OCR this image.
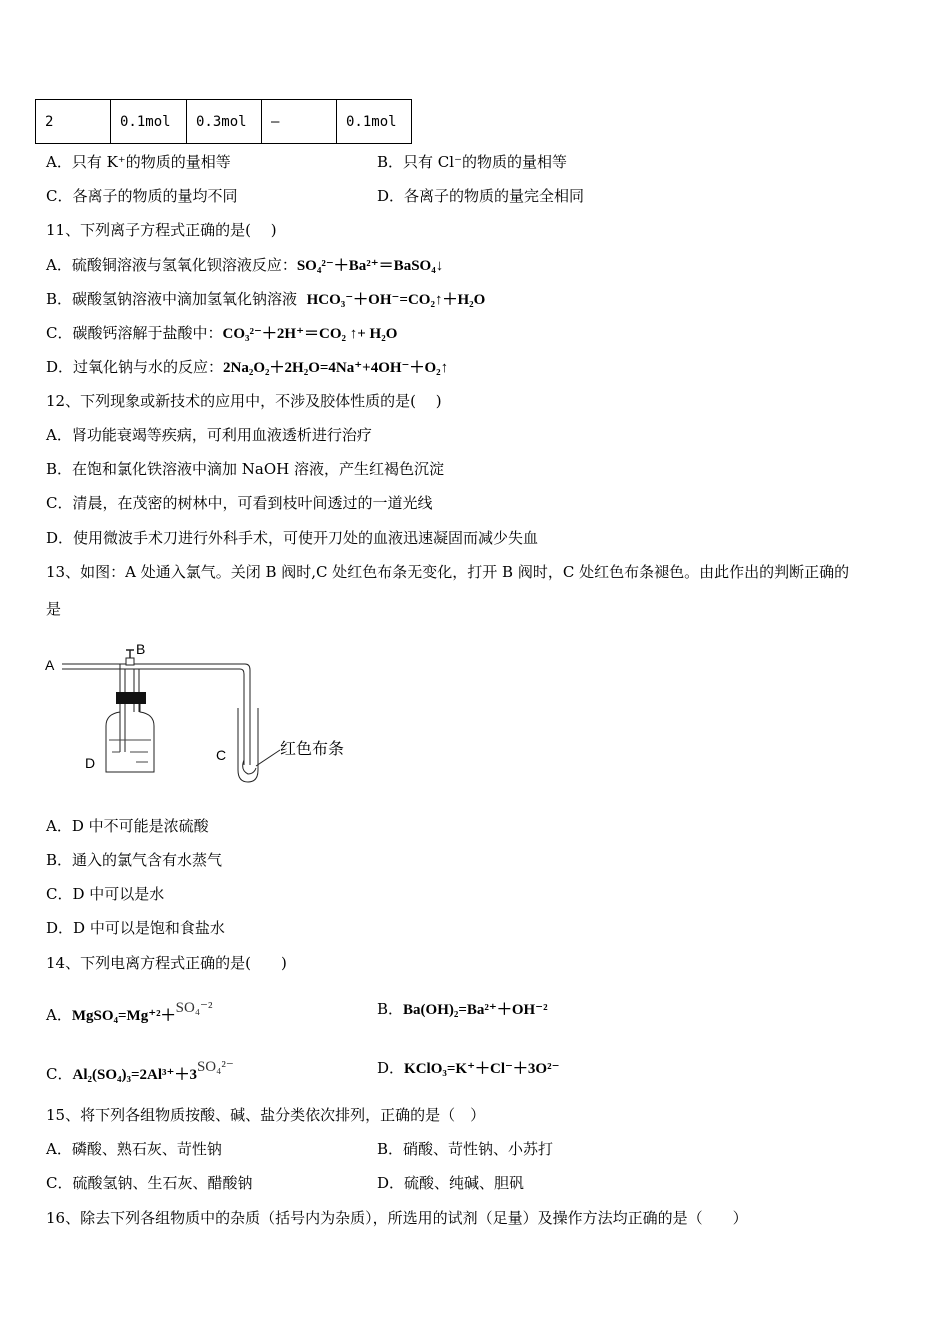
2	0.1mol	0.3mol	—	0.1mol
A．只有 K⁺的物质的量相等	B．只有 Cl⁻的物质的量相等
C．各离子的物质的量均不同	D．各离子的物质的量完全相同
11、下列离子方程式正确的是(　 )
A．硫酸铜溶液与氢氧化钡溶液反应：SO₄²⁻＋Ba²⁺＝BaSO₄↓
B．碳酸氢钠溶液中滴加氢氧化钠溶液 HCO₃⁻＋OH⁻=CO₂↑＋H₂O
C．碳酸钙溶解于盐酸中：CO₃²⁻＋2H⁺＝CO₂ ↑+ H₂O
D．过氧化钠与水的反应：2Na₂O₂＋2H₂O=4Na⁺+4OH⁻＋O₂↑
12、下列现象或新技术的应用中，不涉及胶体性质的是(　 )
A．肾功能衰竭等疾病，可利用血液透析进行治疗
B．在饱和氯化铁溶液中滴加 NaOH 溶液，产生红褐色沉淀
C．清晨，在茂密的树林中，可看到枝叶间透过的一道光线
D．使用微波手术刀进行外科手术，可使开刀处的血液迅速凝固而减少失血
13、如图：A 处通入氯气。关闭 B 阀时,C 处红色布条无变化，打开 B 阀时，C 处红色布条褪色。由此作出的判断正确的
是
B
D
A
C	红色布条
A．D 中不可能是浓硫酸
B．通入的氯气含有水蒸气
C．D 中可以是水
D．D 中可以是饱和食盐水
14、下列电离方程式正确的是(　　)
A．MgSO₄=Mg⁺²＋SO₄⁻²	B．Ba(OH)₂=Ba²⁺＋OH⁻²
C．Al₂(SO₄)₃=2Al³⁺＋3SO₄²⁻	D．KClO₃=K⁺＋Cl⁻＋3O²⁻
15、将下列各组物质按酸、碱、盐分类依次排列，正确的是（　）
A．磷酸、熟石灰、苛性钠	B．硝酸、苛性钠、小苏打
C．硫酸氢钠、生石灰、醋酸钠	D．硫酸、纯碱、胆矾
16、除去下列各组物质中的杂质（括号内为杂质），所选用的试剂（足量）及操作方法均正确的是（　　）
